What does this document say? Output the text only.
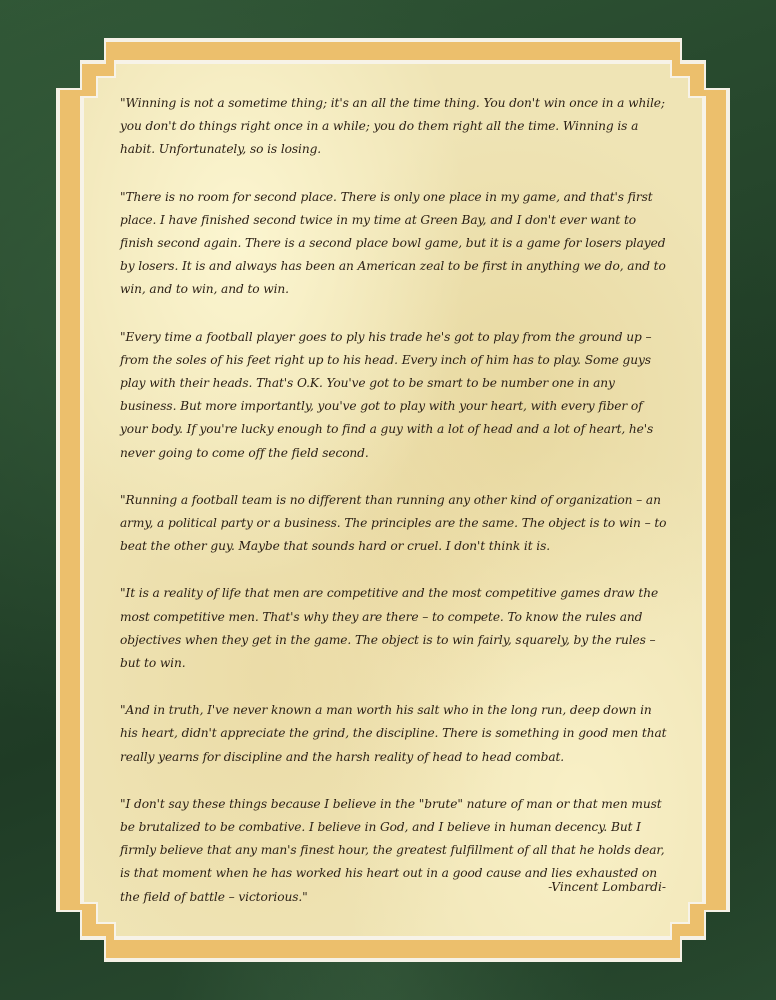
"Winning is not a sometime thing; it's an all the time thing. You don't win once in a while; you don't do things right once in a while; you do them right all the time. Winning is a habit. Unfortunately, so is losing.

"There is no room for second place. There is only one place in my game, and that's first place. I have finished second twice in my time at Green Bay, and I don't ever want to finish second again. There is a second place bowl game, but it is a game for losers played by losers. It is and always has been an American zeal to be first in anything we do, and to win, and to win, and to win.

"Every time a football player goes to ply his trade he's got to play from the ground up – from the soles of his feet right up to his head. Every inch of him has to play. Some guys play with their heads. That's O.K. You've got to be smart to be number one in any business. But more importantly, you've got to play with your heart, with every fiber of your body. If you're lucky enough to find a guy with a lot of head and a lot of heart, he's never going to come off the field second.

"Running a football team is no different than running any other kind of organization – an army, a political party or a business. The principles are the same. The object is to win – to beat the other guy. Maybe that sounds hard or cruel. I don't think it is.

"It is a reality of life that men are competitive and the most competitive games draw the most competitive men. That's why they are there – to compete. To know the rules and objectives when they get in the game. The object is to win fairly, squarely, by the rules – but to win.

"And in truth, I've never known a man worth his salt who in the long run, deep down in his heart, didn't appreciate the grind, the discipline. There is something in good men that really yearns for discipline and the harsh reality of head to head combat.

"I don't say these things because I believe in the "brute" nature of man or that men must be brutalized to be combative. I believe in God, and I believe in human decency. But I firmly believe that any man's finest hour, the greatest fulfillment of all that he holds dear, is that moment when he has worked his heart out in a good cause and lies exhausted on the field of battle – victorious."

-Vincent Lombardi-
